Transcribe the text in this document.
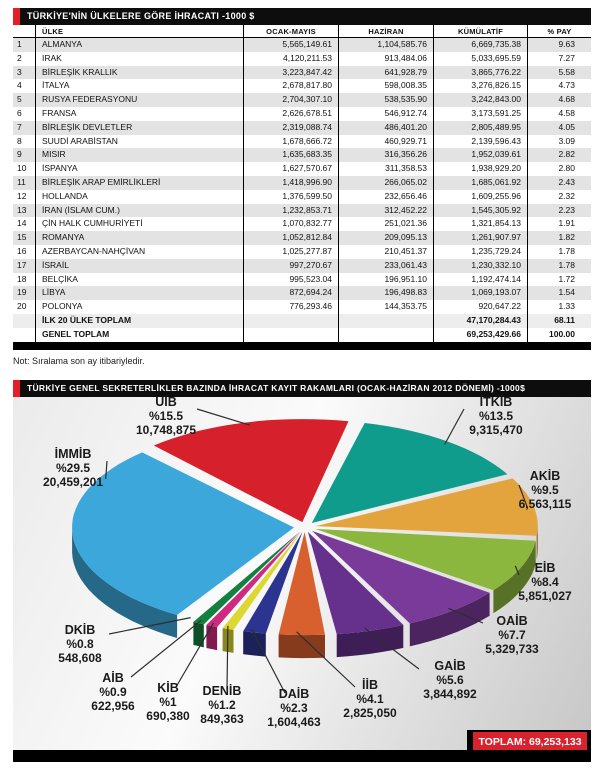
TÜRKİYE'NİN ÜLKELERE GÖRE İHRACATI -1000 $
ÜLKE	OCAK-MAYIS	HAZİRAN	KÜMÜLATİF	% PAY
1	ALMANYA	5,565,149.61	1,104,585.76	6,669,735.38	9.63
2	IRAK	4,120,211.53	913,484.06	5,033,695.59	7.27
3	BİRLEŞİK KRALLIK	3,223,847.42	641,928.79	3,865,776.22	5.58
4	İTALYA	2,678,817.80	598,008.35	3,276,826.15	4.73
5	RUSYA FEDERASYONU	2,704,307.10	538,535.90	3,242,843.00	4.68
6	FRANSA	2,626,678.51	546,912.74	3,173,591.25	4.58
7	BİRLEŞİK DEVLETLER	2,319,088.74	486,401.20	2,805,489.95	4.05
8	SUUDİ ARABİSTAN	1,678,666.72	460,929.71	2,139,596.43	3.09
9	MISIR	1,635,683.35	316,356.26	1,952,039.61	2.82
10	İSPANYA	1,627,570.67	311,358.53	1,938,929.20	2.80
11	BİRLEŞİK ARAP EMİRLİKLERİ	1,418,996.90	266,065.02	1,685,061.92	2.43
12	HOLLANDA	1,376,599.50	232,656.46	1,609,255.96	2.32
13	İRAN (İSLAM CUM.)	1,232,853.71	312,452.22	1,545,305.92	2.23
14	ÇİN HALK CUMHURİYETİ	1,070,832.77	251,021.36	1,321,854.13	1.91
15	ROMANYA	1,052,812.84	209,095.13	1,261,907.97	1.82
16	AZERBAYCAN-NAHÇİVAN	1,025,277.87	210,451.37	1,235,729.24	1.78
17	İSRAİL	997,270.67	233,061.43	1,230,332.10	1.78
18	BELÇİKA	995,523.04	196,951.10	1,192,474.14	1.72
19	LİBYA	872,694.24	196,498.83	1,069,193.07	1.54
20	POLONYA	776,293.46	144,353.75	920,647.22	1.33
İLK 20 ÜLKE TOPLAM	47,170,284.43	68.11
GENEL TOPLAM	69,253,429.66	100.00

Not: Sıralama son ay itibariyledir.

TÜRKİYE GENEL SEKRETERLİKLER BAZINDA İHRACAT KAYIT RAKAMLARI (OCAK-HAZİRAN 2012 DÖNEMİ) -1000$
TOPLAM: 69,253,133
UİB
%15.5
10,748,875
İTKİB
%13.5
9,315,470
AKİB
%9.5
6,563,115
EİB
%8.4
5,851,027
OAİB
%7.7
5,329,733
GAİB
%5.6
3,844,892
İİB
%4.1
2,825,050
DAİB
%2.3
1,604,463
DENİB
%1.2
849,363
KİB
%1
690,380
AİB
%0.9
622,956
DKİB
%0.8
548,608
İMMİB
%29.5
20,459,201
